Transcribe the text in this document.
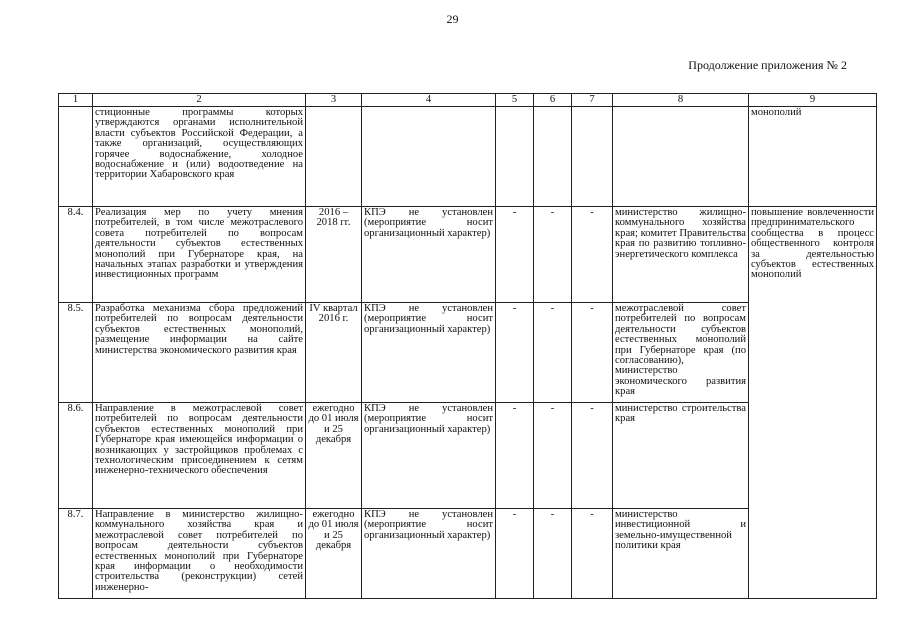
29
Продолжение приложения № 2
1	2	3	4	5	6	7	8	9	
	стиционные программы которых утверждаются органами исполнительной власти субъектов Российской Федерации, а также организаций, осуществляющих горячее водоснабжение, холодное водоснабжение и (или) водоотведение на территории Хабаровского края							монополий	
8.4.	Реализация мер по учету мнения потребителей, в том числе межотраслевого совета потребителей по вопросам деятельности субъектов естественных монополий при Губернаторе края, на начальных этапах разработки и утверждения инвестиционных программ	2016 – 2018 гг.	КПЭ не установлен (мероприятие носит организационный характер)	-	-	-	министерство жилищно-коммунального хозяйства края; комитет Правительства края по развитию топливно-энергетического комплекса	повышение вовлеченности предпринимательского сообщества в процесс общественного контроля за деятельностью субъектов естественных монополий	
8.5.	Разработка механизма сбора предложений потребителей по вопросам деятельности субъектов естественных монополий, размещение информации на сайте министерства экономического развития края	IV квартал 2016 г.	КПЭ не установлен (мероприятие носит организационный характер)	-	-	-	межотраслевой совет потребителей по вопросам деятельности субъектов естественных монополий при Губернаторе края (по согласованию), министерство экономического развития края		
8.6.	Направление в межотраслевой совет потребителей по вопросам деятельности субъектов естественных монополий при Губернаторе края имеющейся информации о возникающих у застройщиков проблемах с технологическим присоединением к сетям инженерно-технического обеспечения	ежегодно до 01 июля и 25 декабря	КПЭ не установлен (мероприятие носит организационный характер)	-	-	-	министерство строительства края		
8.7.	Направление в министерство жилищно-коммунального хозяйства края и межотраслевой совет потребителей по вопросам деятельности субъектов естественных монополий при Губернаторе края информации о необходимости строительства (реконструкции) сетей инженерно-	ежегодно до 01 июля и 25 декабря	КПЭ не установлен (мероприятие носит организационный характер)	-	-	-	министерство инвестиционной и земельно-имущественной политики края		
